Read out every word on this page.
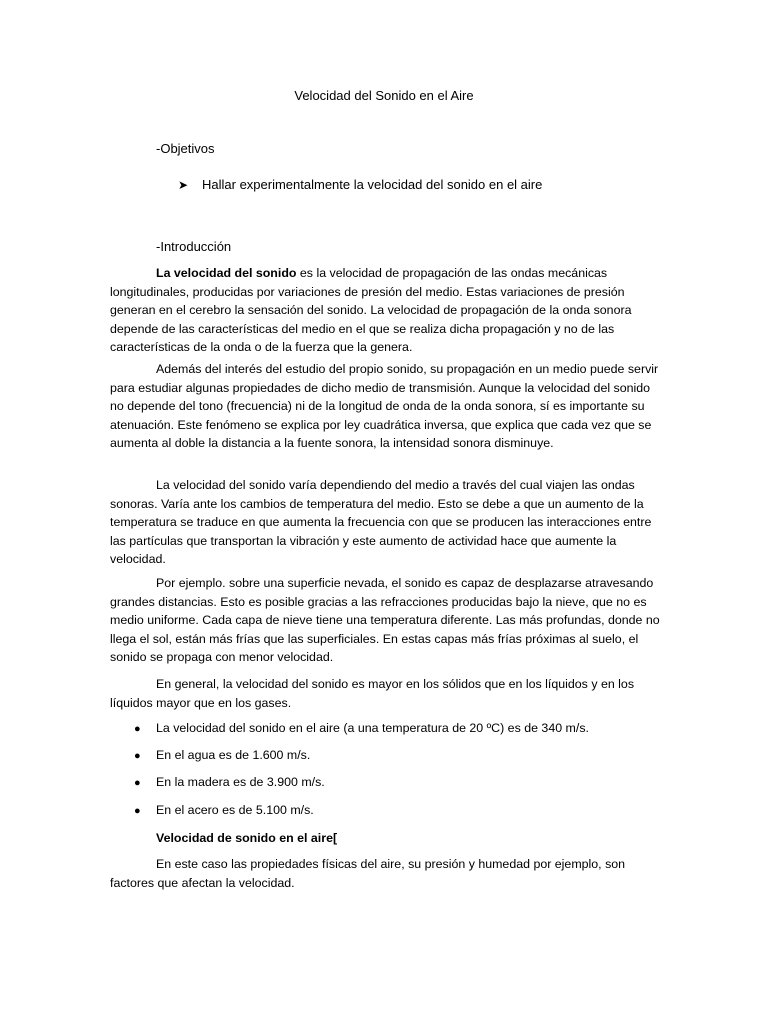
Velocidad del Sonido en el Aire
-Objetivos
➤ Hallar experimentalmente la velocidad del sonido en el aire
-Introducción
La velocidad del sonido es la velocidad de propagación de las ondas mecánicas longitudinales, producidas por variaciones de presión del medio. Estas variaciones de presión generan en el cerebro la sensación del sonido. La velocidad de propagación de la onda sonora depende de las características del medio en el que se realiza dicha propagación y no de las características de la onda o de la fuerza que la genera.
Además del interés del estudio del propio sonido, su propagación en un medio puede servir para estudiar algunas propiedades de dicho medio de transmisión. Aunque la velocidad del sonido no depende del tono (frecuencia) ni de la longitud de onda de la onda sonora, sí es importante su atenuación. Este fenómeno se explica por ley cuadrática inversa, que explica que cada vez que se aumenta al doble la distancia a la fuente sonora, la intensidad sonora disminuye.
La velocidad del sonido varía dependiendo del medio a través del cual viajen las ondas sonoras. Varía ante los cambios de temperatura del medio. Esto se debe a que un aumento de la temperatura se traduce en que aumenta la frecuencia con que se producen las interacciones entre las partículas que transportan la vibración y este aumento de actividad hace que aumente la velocidad.
Por ejemplo. sobre una superficie nevada, el sonido es capaz de desplazarse atravesando grandes distancias. Esto es posible gracias a las refracciones producidas bajo la nieve, que no es medio uniforme. Cada capa de nieve tiene una temperatura diferente. Las más profundas, donde no llega el sol, están más frías que las superficiales. En estas capas más frías próximas al suelo, el sonido se propaga con menor velocidad.
En general, la velocidad del sonido es mayor en los sólidos que en los líquidos y en los líquidos mayor que en los gases.
● La velocidad del sonido en el aire (a una temperatura de 20 ºC) es de 340 m/s.
● En el agua es de 1.600 m/s.
● En la madera es de 3.900 m/s.
● En el acero es de 5.100 m/s.
Velocidad de sonido en el aire[
En este caso las propiedades físicas del aire, su presión y humedad por ejemplo, son factores que afectan la velocidad.
